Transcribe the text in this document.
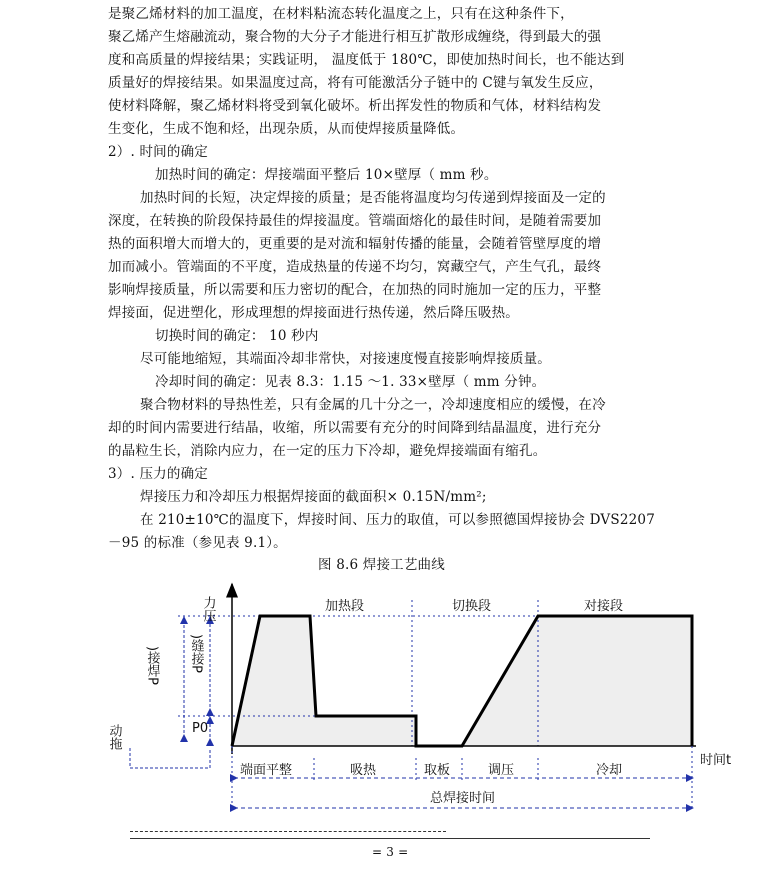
是聚乙烯材料的加工温度，在材料粘流态转化温度之上，只有在这种条件下，
聚乙烯产生熔融流动，聚合物的大分子才能进行相互扩散形成缠绕，得到最大的强
度和高质量的焊接结果；实践证明， 温度低于 180℃，即使加热时间长，也不能达到
质量好的焊接结果。如果温度过高，将有可能激活分子链中的 C键与氧发生反应，
使材料降解，聚乙烯材料将受到氧化破坏。析出挥发性的物质和气体，材料结构发
生变化，生成不饱和烃，出现杂质，从而使焊接质量降低。
2）. 时间的确定
加热时间的确定：焊接端面平整后 10×壁厚（ mm 秒。
加热时间的长短，决定焊接的质量；是否能将温度均匀传递到焊接面及一定的
深度，在转换的阶段保持最佳的焊接温度。管端面熔化的最佳时间，是随着需要加
热的面积增大而增大的，更重要的是对流和辐射传播的能量，会随着管壁厚度的增
加而减小。管端面的不平度，造成热量的传递不均匀，窝藏空气，产生气孔，最终
影响焊接质量，所以需要和压力密切的配合，在加热的同时施加一定的压力，平整
焊接面，促进塑化，形成理想的焊接面进行热传递，然后降压吸热。
切换时间的确定： 10 秒内
尽可能地缩短，其端面冷却非常快，对接速度慢直接影响焊接质量。
冷却时间的确定：见表 8.3：1.15 ～1. 33×壁厚（ mm 分钟。
聚合物材料的导热性差，只有金属的几十分之一，冷却速度相应的缓慢，在冷
却的时间内需要进行结晶，收缩，所以需要有充分的时间降到结晶温度，进行充分
的晶粒生长，消除内应力，在一定的压力下冷却，避免焊接端面有缩孔。
3）. 压力的确定
焊接压力和冷却压力根据焊接面的截面积× 0.15N/mm²;
在 210±10℃的温度下，焊接时间、压力的取值，可以参照德国焊接协会 DVS2207
－95 的标准（参见表 9.1）。
图 8.6 焊接工艺曲线
力压
时间t
加热段	切换段	对接段
端面平整	吸热	取板	调压	冷却
总焊接时间
)接焊P )缝接P
P0
动拖
= 3 =
